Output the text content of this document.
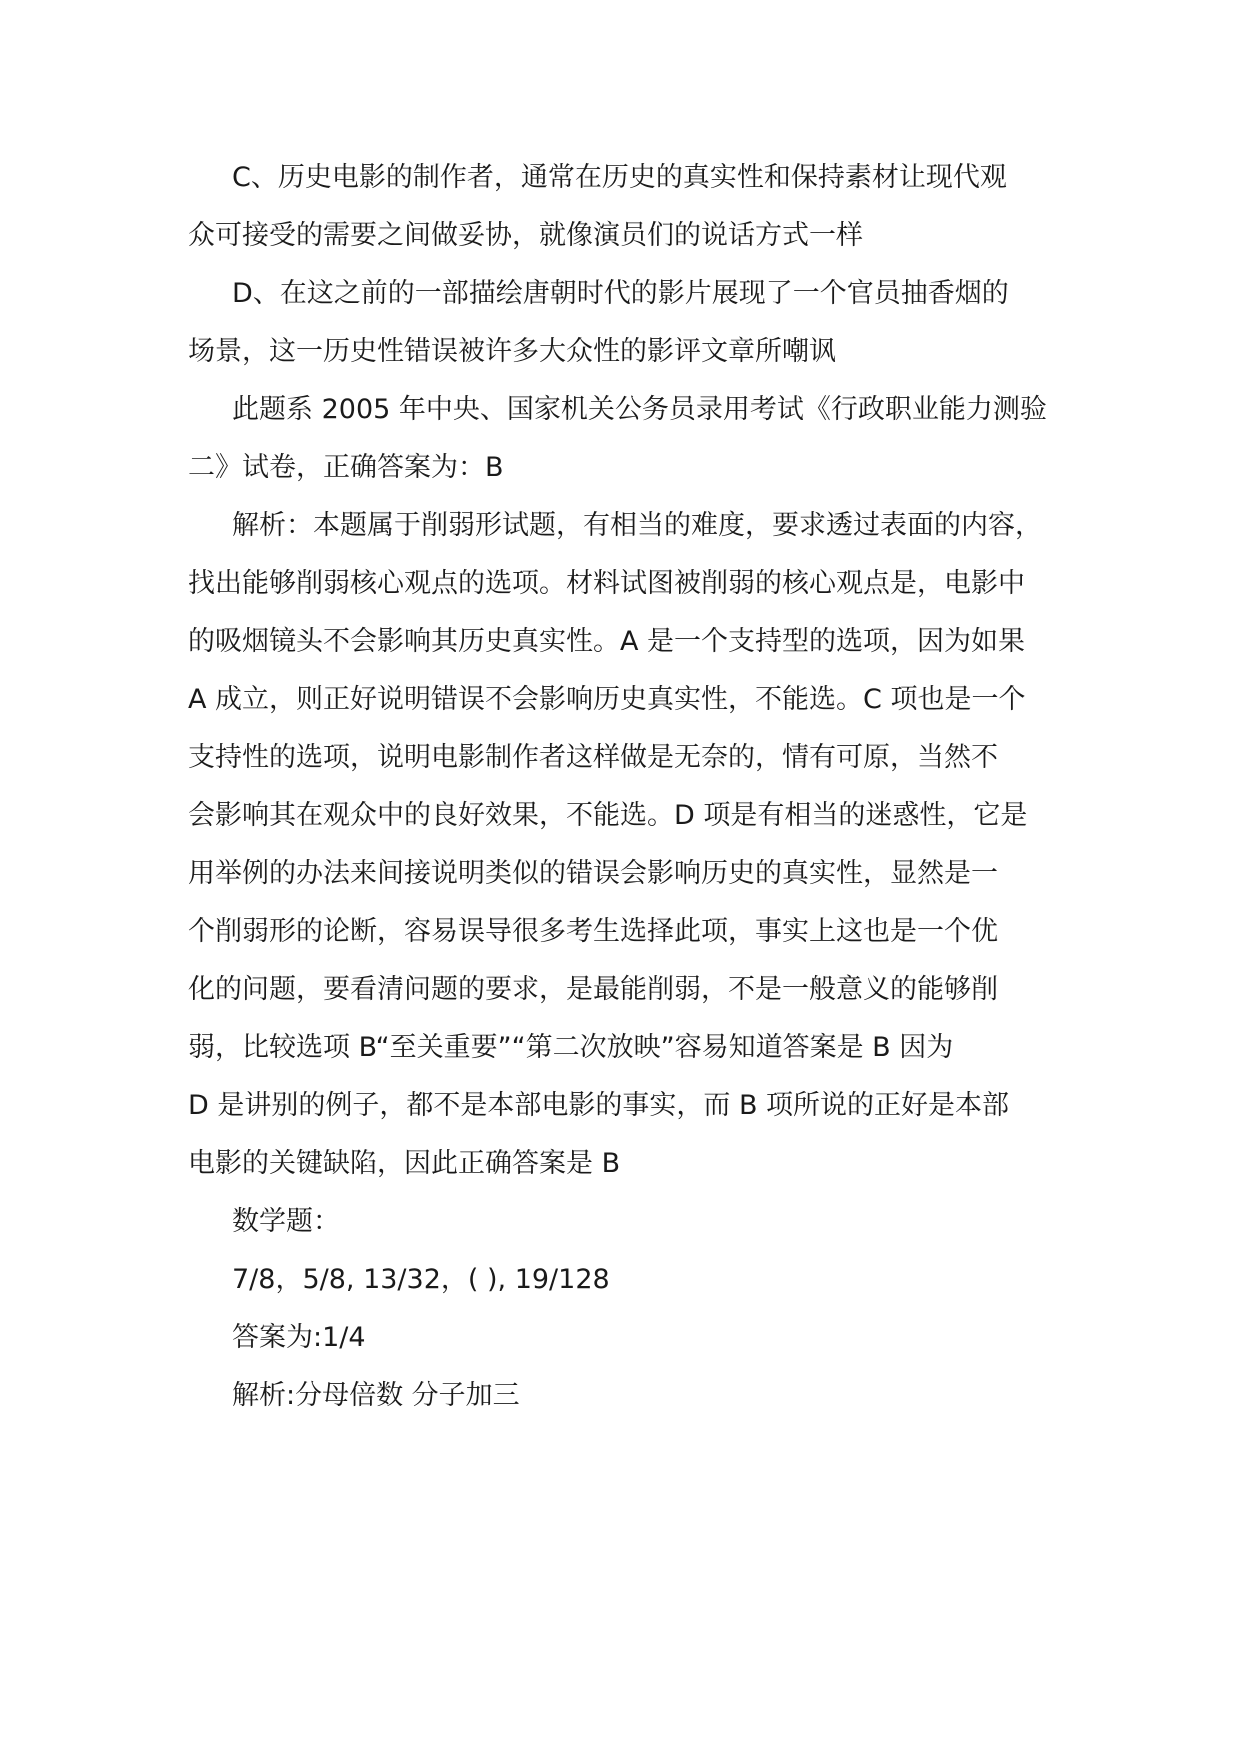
C、历史电影的制作者，通常在历史的真实性和保持素材让现代观
众可接受的需要之间做妥协，就像演员们的说话方式一样
D、在这之前的一部描绘唐朝时代的影片展现了一个官员抽香烟的
场景，这一历史性错误被许多大众性的影评文章所嘲讽
此题系 2005 年中央、国家机关公务员录用考试《行政职业能力测验
二》试卷，正确答案为：B
解析：本题属于削弱形试题，有相当的难度，要求透过表面的内容，
找出能够削弱核心观点的选项。材料试图被削弱的核心观点是，电影中
的吸烟镜头不会影响其历史真实性。A 是一个支持型的选项，因为如果
A 成立，则正好说明错误不会影响历史真实性，不能选。C 项也是一个
支持性的选项，说明电影制作者这样做是无奈的，情有可原，当然不
会影响其在观众中的良好效果，不能选。D 项是有相当的迷惑性，它是
用举例的办法来间接说明类似的错误会影响历史的真实性，显然是一
个削弱形的论断，容易误导很多考生选择此项，事实上这也是一个优
化的问题，要看清问题的要求，是最能削弱，不是一般意义的能够削
弱，比较选项 B“至关重要”“第二次放映”容易知道答案是 B 因为
D 是讲别的例子，都不是本部电影的事实，而 B 项所说的正好是本部
电影的关键缺陷，因此正确答案是 B
数学题：
7/8，5/8, 13/32，( ), 19/128
答案为:1/4
解析:分母倍数 分子加三
